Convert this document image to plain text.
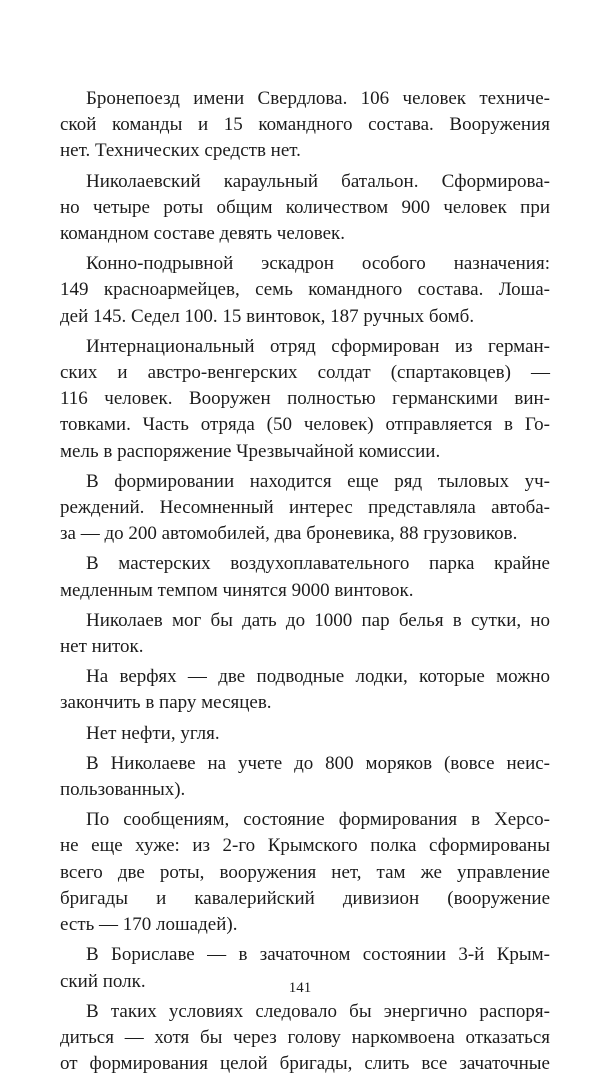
Бронепоезд имени Свердлова. 106 человек техниче-
ской команды и 15 командного состава. Вооружения
нет. Технических средств нет.

Николаевский караульный батальон. Сформирова-
но четыре роты общим количеством 900 человек при
командном составе девять человек.

Конно-подрывной эскадрон особого назначения:
149 красноармейцев, семь командного состава. Лоша-
дей 145. Седел 100. 15 винтовок, 187 ручных бомб.

Интернациональный отряд сформирован из герман-
ских и австро-венгерских солдат (спартаковцев) —
116 человек. Вооружен полностью германскими вин-
товками. Часть отряда (50 человек) отправляется в Го-
мель в распоряжение Чрезвычайной комиссии.

В формировании находится еще ряд тыловых уч-
реждений. Несомненный интерес представляла автоба-
за — до 200 автомобилей, два броневика, 88 грузовиков.

В мастерских воздухоплавательного парка крайне
медленным темпом чинятся 9000 винтовок.

Николаев мог бы дать до 1000 пар белья в сутки, но
нет ниток.

На верфях — две подводные лодки, которые можно
закончить в пару месяцев.

Нет нефти, угля.

В Николаеве на учете до 800 моряков (вовсе неис-
пользованных).

По сообщениям, состояние формирования в Херсо-
не еще хуже: из 2-го Крымского полка сформированы
всего две роты, вооружения нет, там же управление
бригады и кавалерийский дивизион (вооружение
есть — 170 лошадей).

В Бориславе — в зачаточном состоянии 3-й Крым-
ский полк.

В таких условиях следовало бы энергично распоря-
диться — хотя бы через голову наркомвоена отказаться
от формирования целой бригады, слить все зачаточные

141
